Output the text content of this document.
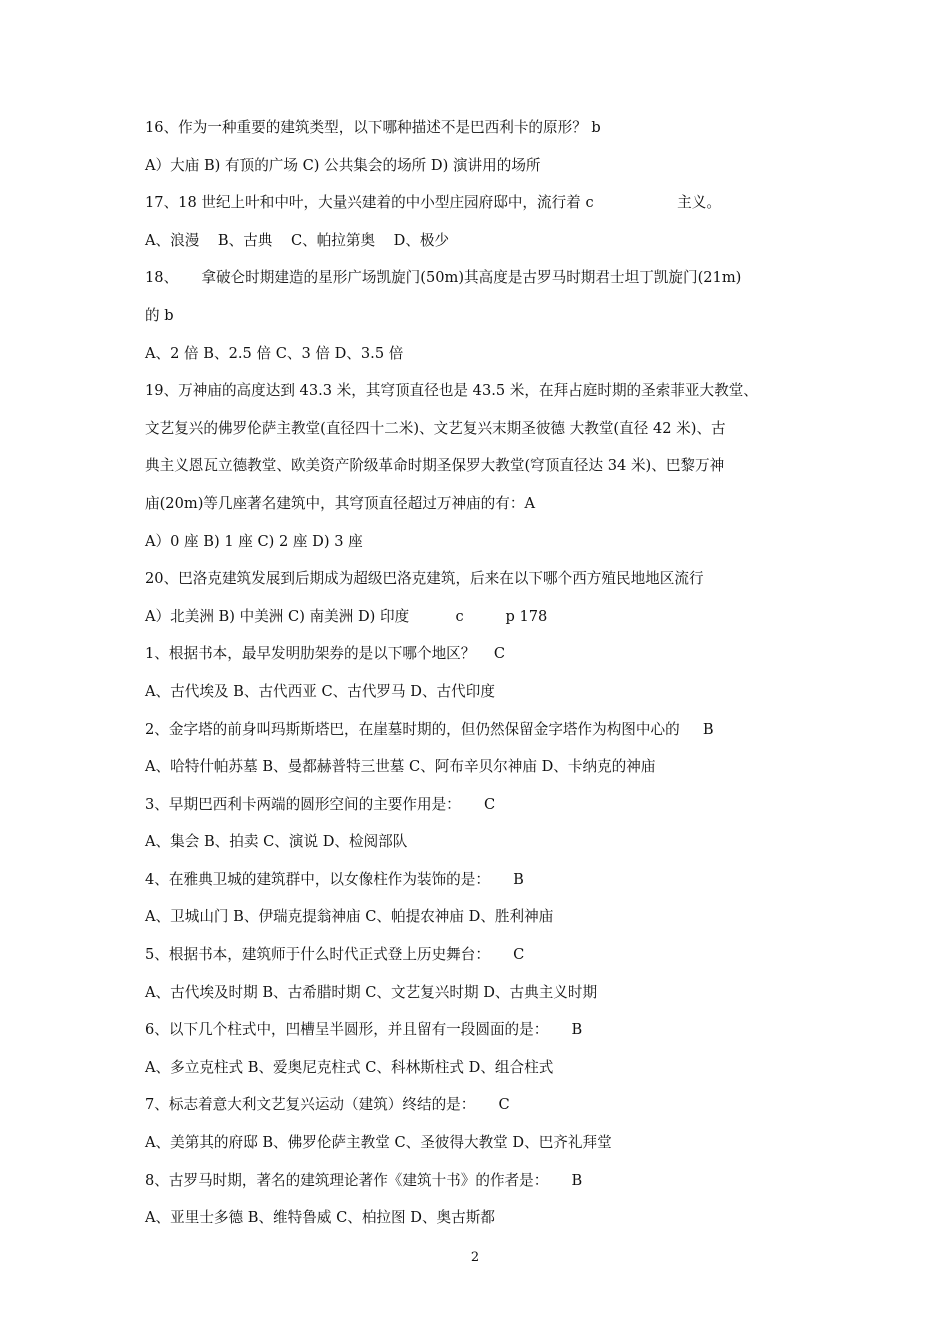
16、作为一种重要的建筑类型，以下哪种描述不是巴西利卡的原形？ b

A）大庙 B) 有顶的广场 C) 公共集会的场所 D) 演讲用的场所

17、18 世纪上叶和中叶，大量兴建着的中小型庄园府邸中，流行着 c                  主义。

A、浪漫    B、古典    C、帕拉第奥    D、极少

18、     拿破仑时期建造的星形广场凯旋门(50m)其高度是古罗马时期君士坦丁凯旋门(21m)

的 b

A、2 倍 B、2.5 倍 C、3 倍 D、3.5 倍

19、万神庙的高度达到 43.3 米，其穹顶直径也是 43.5 米，在拜占庭时期的圣索菲亚大教堂、

文艺复兴的佛罗伦萨主教堂(直径四十二米)、文艺复兴末期圣彼德 大教堂(直径 42 米)、古

典主义恩瓦立德教堂、欧美资产阶级革命时期圣保罗大教堂(穹顶直径达 34 米)、巴黎万神

庙(20m)等几座著名建筑中，其穹顶直径超过万神庙的有：A

A）0 座 B) 1 座 C) 2 座 D) 3 座

20、巴洛克建筑发展到后期成为超级巴洛克建筑，后来在以下哪个西方殖民地地区流行

A）北美洲 B) 中美洲 C) 南美洲 D) 印度          c         p 178

1、根据书本，最早发明肋架券的是以下哪个地区？    C

A、古代埃及 B、古代西亚 C、古代罗马 D、古代印度

2、金字塔的前身叫玛斯斯塔巴，在崖墓时期的，但仍然保留金字塔作为构图中心的     B

A、哈特什帕苏墓 B、曼都赫普特三世墓 C、阿布辛贝尔神庙 D、卡纳克的神庙

3、早期巴西利卡两端的圆形空间的主要作用是：     C

A、集会 B、拍卖 C、演说 D、检阅部队

4、在雅典卫城的建筑群中，以女像柱作为装饰的是：     B

A、卫城山门 B、伊瑞克提翁神庙 C、帕提农神庙 D、胜利神庙

5、根据书本，建筑师于什么时代正式登上历史舞台：     C

A、古代埃及时期 B、古希腊时期 C、文艺复兴时期 D、古典主义时期

6、以下几个柱式中，凹槽呈半圆形，并且留有一段圆面的是：     B

A、多立克柱式 B、爱奥尼克柱式 C、科林斯柱式 D、组合柱式

7、标志着意大利文艺复兴运动（建筑）终结的是：     C

A、美第其的府邸 B、佛罗伦萨主教堂 C、圣彼得大教堂 D、巴齐礼拜堂

8、古罗马时期，著名的建筑理论著作《建筑十书》的作者是：     B

A、亚里士多德 B、维特鲁威 C、柏拉图 D、奥古斯都

2
